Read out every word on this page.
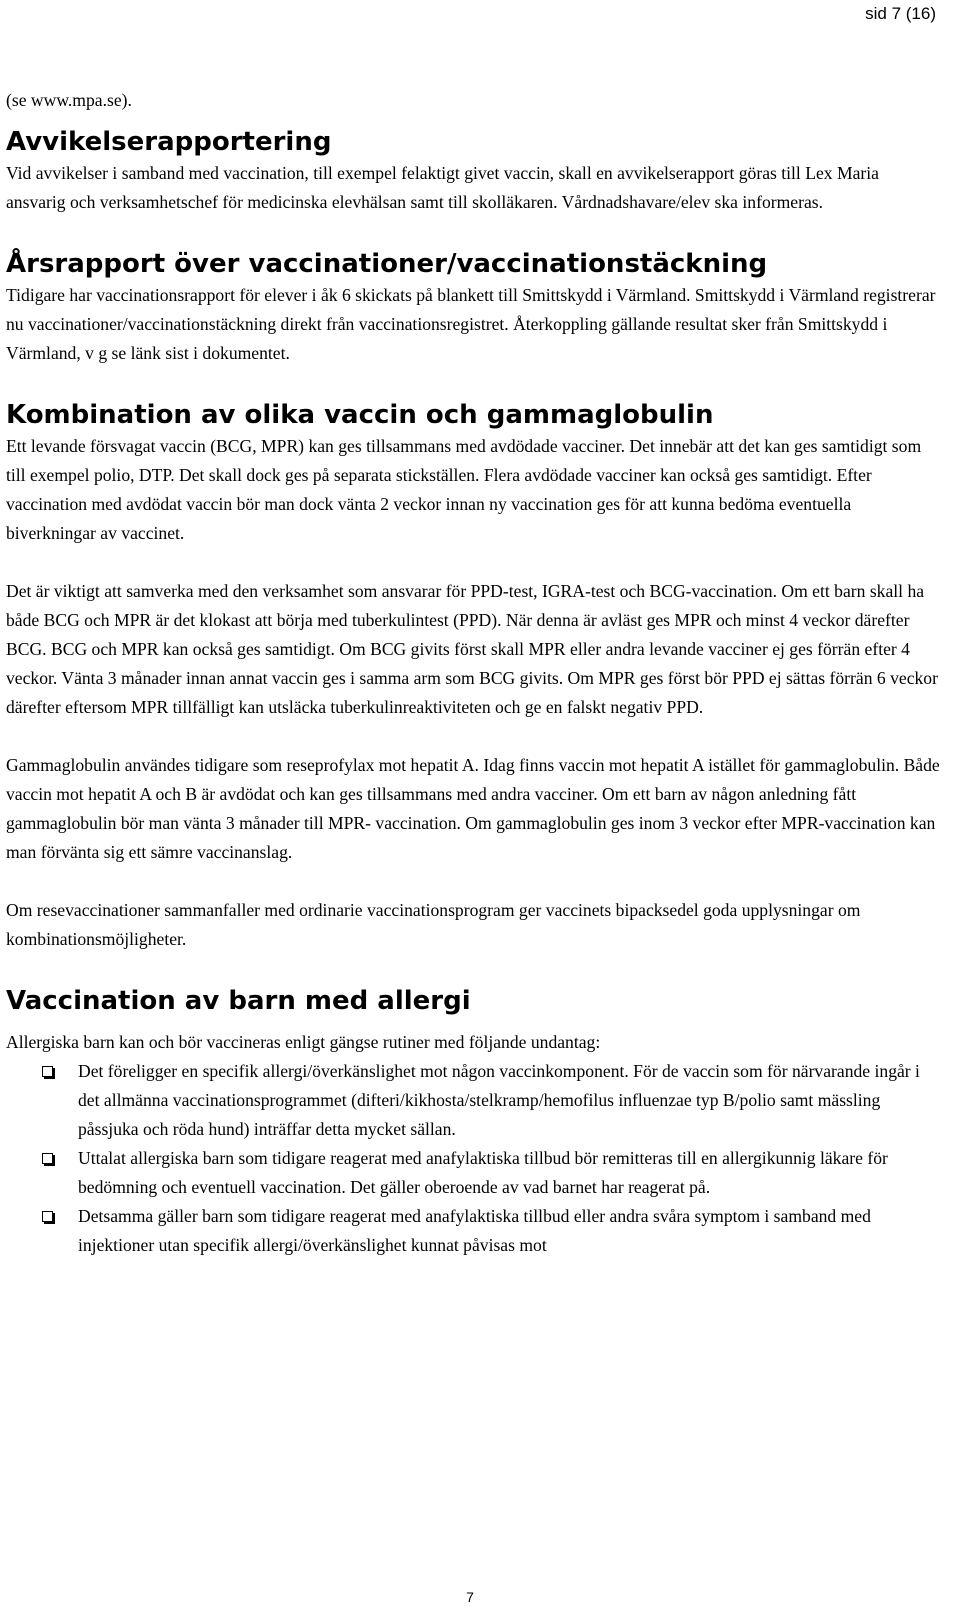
sid 7 (16)

(se www.mpa.se).

Avvikelserapportering

Vid avvikelser i samband med vaccination, till exempel felaktigt givet vaccin, skall en avvikelserapport göras till Lex Maria ansvarig och verksamhetschef för medicinska elevhälsan samt till skolläkaren. Vårdnadshavare/elev ska informeras.

Årsrapport över vaccinationer/vaccinationstäckning

Tidigare har vaccinationsrapport för elever i åk 6 skickats på blankett till Smittskydd i Värmland. Smittskydd i Värmland registrerar nu vaccinationer/vaccinationstäckning direkt från vaccinationsregistret. Återkoppling gällande resultat sker från Smittskydd i Värmland, v g se länk sist i dokumentet.

Kombination av olika vaccin och gammaglobulin

Ett levande försvagat vaccin (BCG, MPR) kan ges tillsammans med avdödade vacciner. Det innebär att det kan ges samtidigt som till exempel polio, DTP. Det skall dock ges på separata stickställen. Flera avdödade vacciner kan också ges samtidigt. Efter vaccination med avdödat vaccin bör man dock vänta 2 veckor innan ny vaccination ges för att kunna bedöma eventuella biverkningar av vaccinet.

Det är viktigt att samverka med den verksamhet som ansvarar för PPD-test, IGRA-test och BCG-vaccination. Om ett barn skall ha både BCG och MPR är det klokast att börja med tuberkulintest (PPD). När denna är avläst ges MPR och minst 4 veckor därefter BCG. BCG och MPR kan också ges samtidigt. Om BCG givits först skall MPR eller andra levande vacciner ej ges förrän efter 4 veckor. Vänta 3 månader innan annat vaccin ges i samma arm som BCG givits. Om MPR ges först bör PPD ej sättas förrän 6 veckor därefter eftersom MPR tillfälligt kan utsläcka tuberkulinreaktiviteten och ge en falskt negativ PPD.

Gammaglobulin användes tidigare som reseprofylax mot hepatit A. Idag finns vaccin mot hepatit A istället för gammaglobulin. Både vaccin mot hepatit A och B är avdödat och kan ges tillsammans med andra vacciner. Om ett barn av någon anledning fått gammaglobulin bör man vänta 3 månader till MPR- vaccination. Om gammaglobulin ges inom 3 veckor efter MPR-vaccination kan man förvänta sig ett sämre vaccinanslag.

Om resevaccinationer sammanfaller med ordinarie vaccinationsprogram ger vaccinets bipacksedel goda upplysningar om kombinationsmöjligheter.

Vaccination av barn med allergi

Allergiska barn kan och bör vaccineras enligt gängse rutiner med följande undantag:

Det föreligger en specifik allergi/överkänslighet mot någon vaccinkomponent. För de vaccin som för närvarande ingår i det allmänna vaccinationsprogrammet (difteri/kikhosta/stelkramp/hemofilus influenzae typ B/polio samt mässling påssjuka och röda hund) inträffar detta mycket sällan.
Uttalat allergiska barn som tidigare reagerat med anafylaktiska tillbud bör remitteras till en allergikunnig läkare för bedömning och eventuell vaccination. Det gäller oberoende av vad barnet har reagerat på.
Detsamma gäller barn som tidigare reagerat med anafylaktiska tillbud eller andra svåra symptom i samband med injektioner utan specifik allergi/överkänslighet kunnat påvisas mot
7
